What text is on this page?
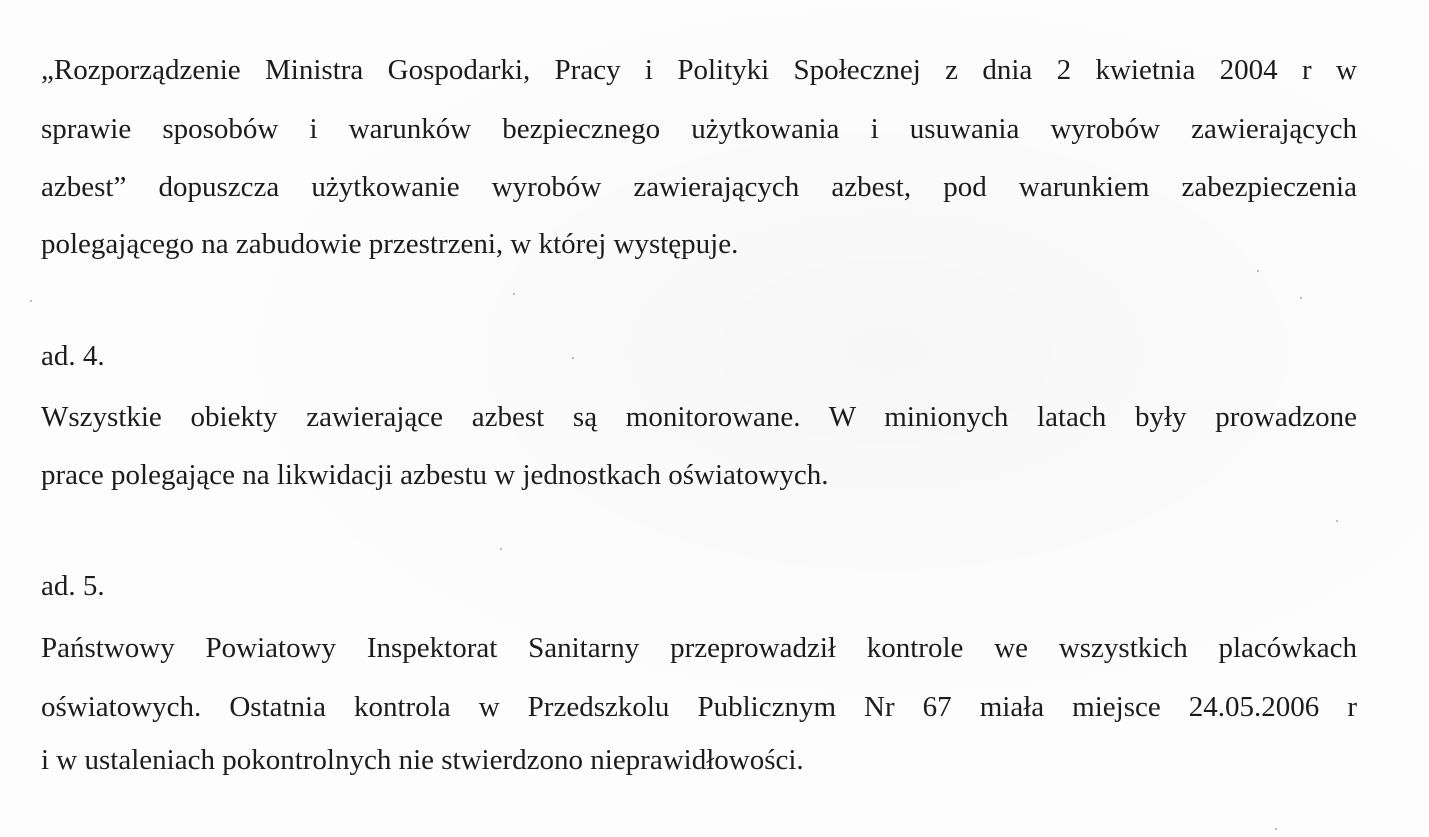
„Rozporządzenie Ministra Gospodarki, Pracy i Polityki Społecznej z dnia 2 kwietnia 2004 r w

sprawie sposobów i warunków bezpiecznego użytkowania i usuwania wyrobów zawierających

azbest” dopuszcza użytkowanie wyrobów zawierających azbest, pod warunkiem zabezpieczenia

polegającego na zabudowie przestrzeni, w której występuje.

ad. 4.

Wszystkie obiekty zawierające azbest są monitorowane. W minionych latach były prowadzone

prace polegające na likwidacji azbestu w jednostkach oświatowych.

ad. 5.

Państwowy Powiatowy Inspektorat Sanitarny przeprowadził kontrole we wszystkich placówkach

oświatowych. Ostatnia kontrola w Przedszkolu Publicznym Nr 67 miała miejsce 24.05.2006 r

i w ustaleniach pokontrolnych nie stwierdzono nieprawidłowości.
